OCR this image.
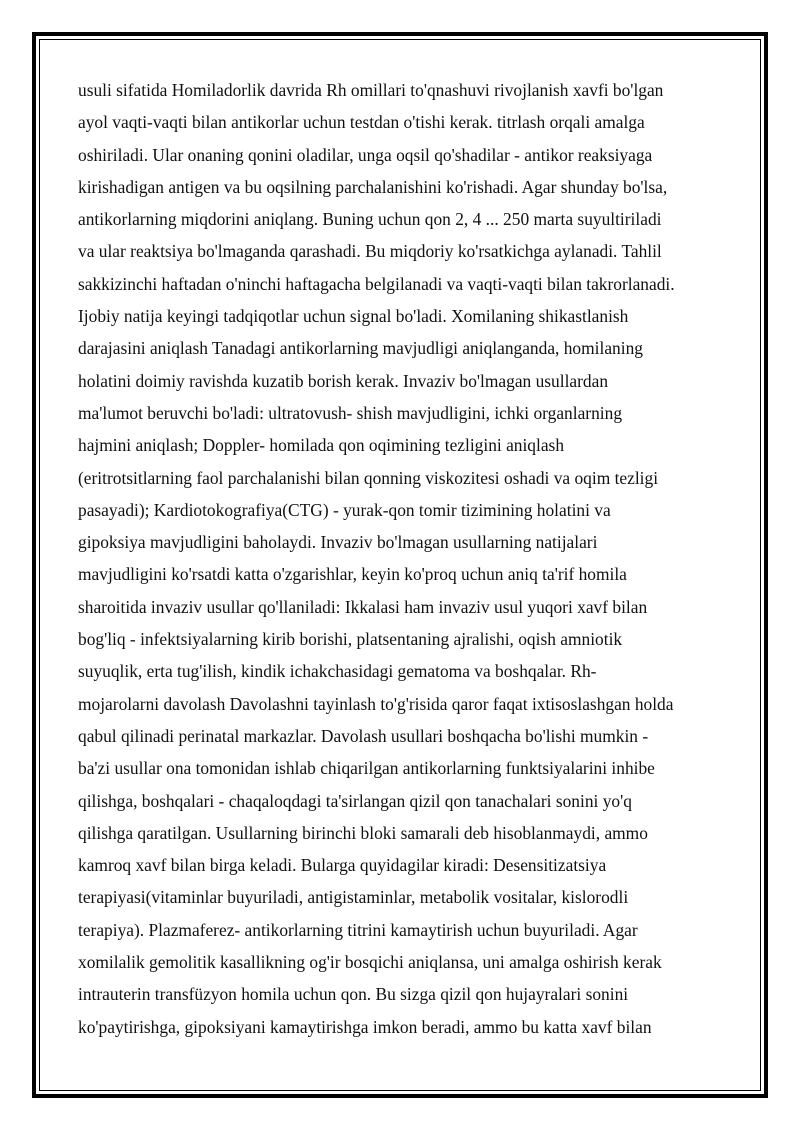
usuli sifatida Homiladorlik davrida Rh omillari to'qnashuvi rivojlanish xavfi bo'lgan
ayol vaqti-vaqti bilan antikorlar uchun testdan o'tishi kerak. titrlash orqali amalga
oshiriladi. Ular onaning qonini oladilar, unga oqsil qo'shadilar - antikor reaksiyaga
kirishadigan antigen va bu oqsilning parchalanishini ko'rishadi. Agar shunday bo'lsa,
antikorlarning miqdorini aniqlang. Buning uchun qon 2, 4 ... 250 marta suyultiriladi
va ular reaktsiya bo'lmaganda qarashadi. Bu miqdoriy ko'rsatkichga aylanadi. Tahlil
sakkizinchi haftadan o'ninchi haftagacha belgilanadi va vaqti-vaqti bilan takrorlanadi.
Ijobiy natija keyingi tadqiqotlar uchun signal bo'ladi. Xomilaning shikastlanish
darajasini aniqlash Tanadagi antikorlarning mavjudligi aniqlanganda, homilaning
holatini doimiy ravishda kuzatib borish kerak. Invaziv bo'lmagan usullardan
ma'lumot beruvchi bo'ladi: ultratovush- shish mavjudligini, ichki organlarning
hajmini aniqlash; Doppler- homilada qon oqimining tezligini aniqlash
(eritrotsitlarning faol parchalanishi bilan qonning viskozitesi oshadi va oqim tezligi
pasayadi); Kardiotokografiya(CTG) - yurak-qon tomir tizimining holatini va
gipoksiya mavjudligini baholaydi. Invaziv bo'lmagan usullarning natijalari
mavjudligini ko'rsatdi katta o'zgarishlar, keyin ko'proq uchun aniq ta'rif homila
sharoitida invaziv usullar qo'llaniladi: Ikkalasi ham invaziv usul yuqori xavf bilan
bog'liq - infektsiyalarning kirib borishi, platsentaning ajralishi, oqish amniotik
suyuqlik, erta tug'ilish, kindik ichakchasidagi gematoma va boshqalar. Rh-
mojarolarni davolash Davolashni tayinlash to'g'risida qaror faqat ixtisoslashgan holda
qabul qilinadi perinatal markazlar. Davolash usullari boshqacha bo'lishi mumkin -
ba'zi usullar ona tomonidan ishlab chiqarilgan antikorlarning funktsiyalarini inhibe
qilishga, boshqalari - chaqaloqdagi ta'sirlangan qizil qon tanachalari sonini yo'q
qilishga qaratilgan. Usullarning birinchi bloki samarali deb hisoblanmaydi, ammo
kamroq xavf bilan birga keladi. Bularga quyidagilar kiradi: Desensitizatsiya
terapiyasi(vitaminlar buyuriladi, antigistaminlar, metabolik vositalar, kislorodli
terapiya). Plazmaferez- antikorlarning titrini kamaytirish uchun buyuriladi. Agar
xomilalik gemolitik kasallikning og'ir bosqichi aniqlansa, uni amalga oshirish kerak
intrauterin transfüzyon homila uchun qon. Bu sizga qizil qon hujayralari sonini
ko'paytirishga, gipoksiyani kamaytirishga imkon beradi, ammo bu katta xavf bilan
